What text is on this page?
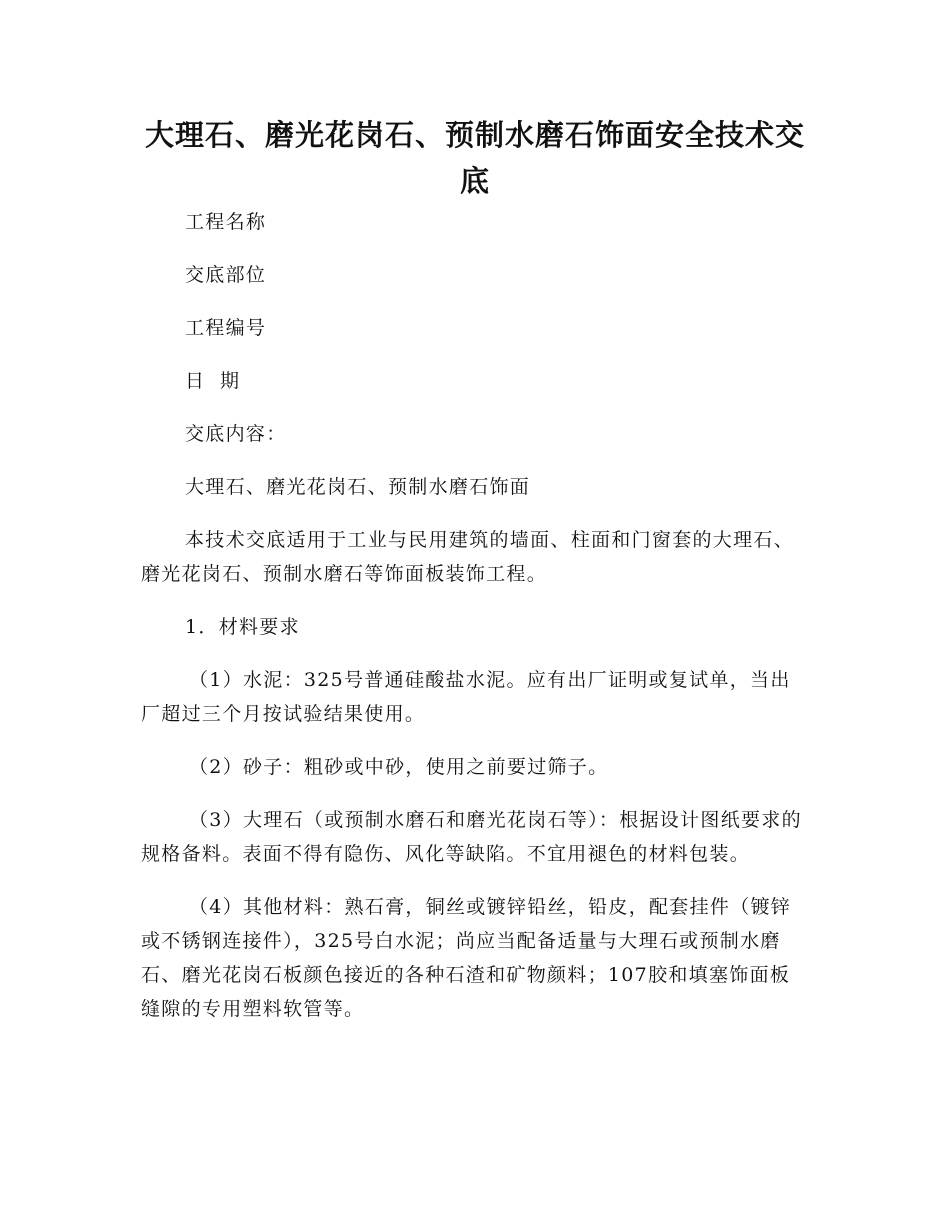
大理石、磨光花岗石、预制水磨石饰面安全技术交底

工程名称

交底部位

工程编号

日  期

交底内容：

大理石、磨光花岗石、预制水磨石饰面

本技术交底适用于工业与民用建筑的墙面、柱面和门窗套的大理石、磨光花岗石、预制水磨石等饰面板装饰工程。

1．材料要求

（1）水泥：325号普通硅酸盐水泥。应有出厂证明或复试单，当出厂超过三个月按试验结果使用。

（2）砂子：粗砂或中砂，使用之前要过筛子。

（3）大理石（或预制水磨石和磨光花岗石等）：根据设计图纸要求的规格备料。表面不得有隐伤、风化等缺陷。不宜用褪色的材料包装。

（4）其他材料：熟石膏，铜丝或镀锌铅丝，铅皮，配套挂件（镀锌或不锈钢连接件），325号白水泥；尚应当配备适量与大理石或预制水磨石、磨光花岗石板颜色接近的各种石渣和矿物颜料；107胶和填塞饰面板缝隙的专用塑料软管等。
